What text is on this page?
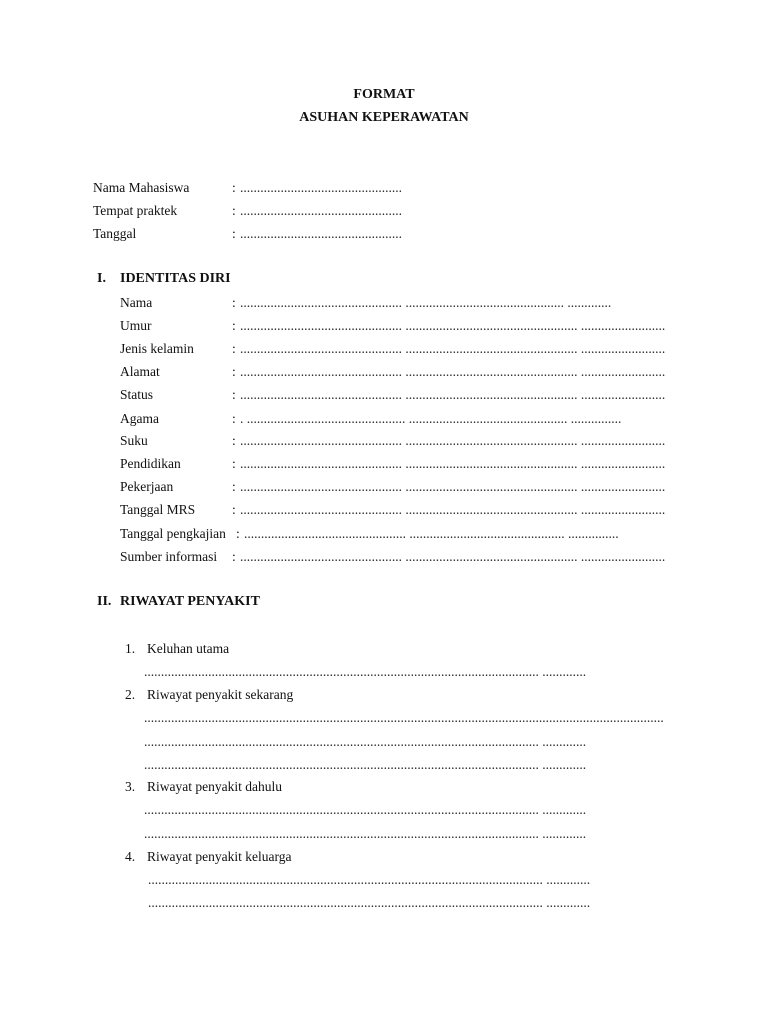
FORMAT
ASUHAN KEPERAWATAN
Nama Mahasiswa	: ................................................
Tempat praktek	: ................................................
Tanggal	: ................................................
I. IDENTITAS DIRI
Nama	: ................................................ ............................................... .............
Umur	: ................................................ ................................................... .........................
Jenis kelamin	: ................................................ ................................................... .........................
Alamat	: ................................................ ................................................... .........................
Status	: ................................................ ................................................... .........................
Agama	: . ............................................... ............................................... ...............
Suku	: ................................................ ................................................... .........................
Pendidikan	: ................................................ ................................................... .........................
Pekerjaan	: ................................................ ................................................... .........................
Tanggal MRS	: ................................................ ................................................... .........................
Tanggal pengkajian : ................................................ .............................................. ...............
Sumber informasi : ................................................ ................................................... .........................
II. RIWAYAT PENYAKIT
1. Keluhan utama
..................................................................................................................... .............
2. Riwayat penyakit sekarang
..........................................................................................................................................................
..................................................................................................................... .............
..................................................................................................................... .............
3. Riwayat penyakit dahulu
..................................................................................................................... .............
..................................................................................................................... .............
4. Riwayat penyakit keluarga
..................................................................................................................... .............
..................................................................................................................... .............
